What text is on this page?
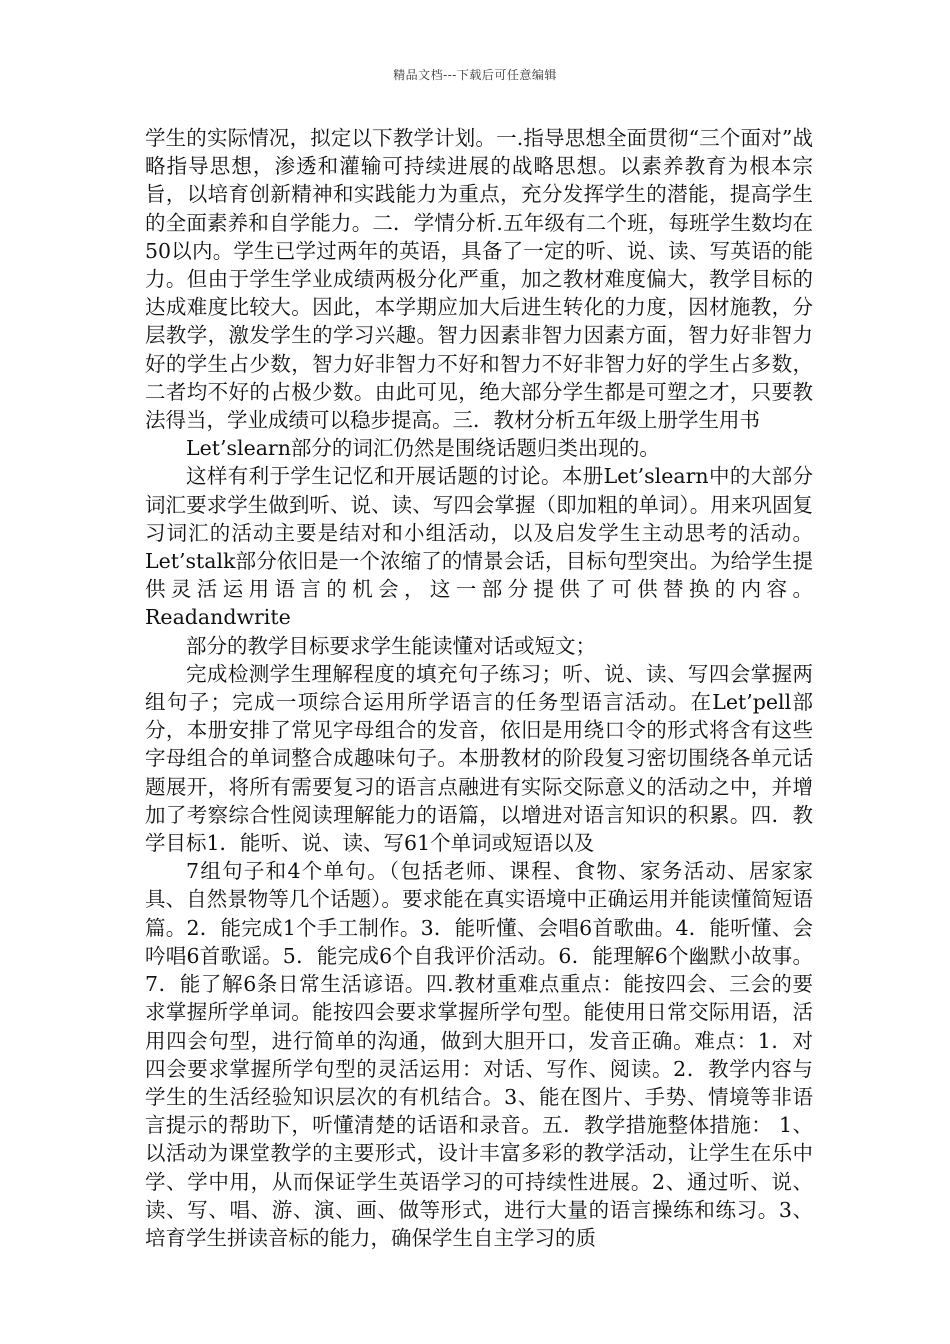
精品文档---下载后可任意编辑

学生的实际情况，拟定以下教学计划。一.指导思想全面贯彻“三个面对”战略指导思想，渗透和灌输可持续进展的战略思想。以素养教育为根本宗旨，以培育创新精神和实践能力为重点，充分发挥学生的潜能，提高学生的全面素养和自学能力。二．学情分析.五年级有二个班，每班学生数均在50以内。学生已学过两年的英语，具备了一定的听、说、读、写英语的能力。但由于学生学业成绩两极分化严重，加之教材难度偏大，教学目标的达成难度比较大。因此，本学期应加大后进生转化的力度，因材施教，分层教学，激发学生的学习兴趣。智力因素非智力因素方面，智力好非智力好的学生占少数，智力好非智力不好和智力不好非智力好的学生占多数，二者均不好的占极少数。由此可见，绝大部分学生都是可塑之才，只要教法得当，学业成绩可以稳步提高。三．教材分析五年级上册学生用书

Let’slearn部分的词汇仍然是围绕话题归类出现的。

这样有利于学生记忆和开展话题的讨论。本册Let’slearn中的大部分词汇要求学生做到听、说、读、写四会掌握（即加粗的单词）。用来巩固复习词汇的活动主要是结对和小组活动，以及启发学生主动思考的活动。Let’stalk部分依旧是一个浓缩了的情景会话，目标句型突出。为给学生提供灵活运用语言的机会，这一部分提供了可供替换的内容。Readandwrite

部分的教学目标要求学生能读懂对话或短文；

完成检测学生理解程度的填充句子练习；听、说、读、写四会掌握两组句子；完成一项综合运用所学语言的任务型语言活动。在Let’pell部分，本册安排了常见字母组合的发音，依旧是用绕口令的形式将含有这些字母组合的单词整合成趣味句子。本册教材的阶段复习密切围绕各单元话题展开，将所有需要复习的语言点融进有实际交际意义的活动之中，并增加了考察综合性阅读理解能力的语篇，以增进对语言知识的积累。四．教学目标1．能听、说、读、写61个单词或短语以及

7组句子和4个单句。（包括老师、课程、食物、家务活动、居家家具、自然景物等几个话题）。要求能在真实语境中正确运用并能读懂简短语篇。2．能完成1个手工制作。3．能听懂、会唱6首歌曲。4．能听懂、会吟唱6首歌谣。5．能完成6个自我评价活动。6．能理解6个幽默小故事。7．能了解6条日常生活谚语。四.教材重难点重点：能按四会、三会的要求掌握所学单词。能按四会要求掌握所学句型。能使用日常交际用语，活用四会句型，进行简单的沟通，做到大胆开口，发音正确。难点：1．对四会要求掌握所学句型的灵活运用：对话、写作、阅读。2．教学内容与学生的生活经验知识层次的有机结合。3、能在图片、手势、情境等非语言提示的帮助下，听懂清楚的话语和录音。五．教学措施整体措施： 1、以活动为课堂教学的主要形式，设计丰富多彩的教学活动，让学生在乐中学、学中用，从而保证学生英语学习的可持续性进展。2、通过听、说、读、写、唱、游、演、画、做等形式，进行大量的语言操练和练习。3、培育学生拼读音标的能力，确保学生自主学习的质
